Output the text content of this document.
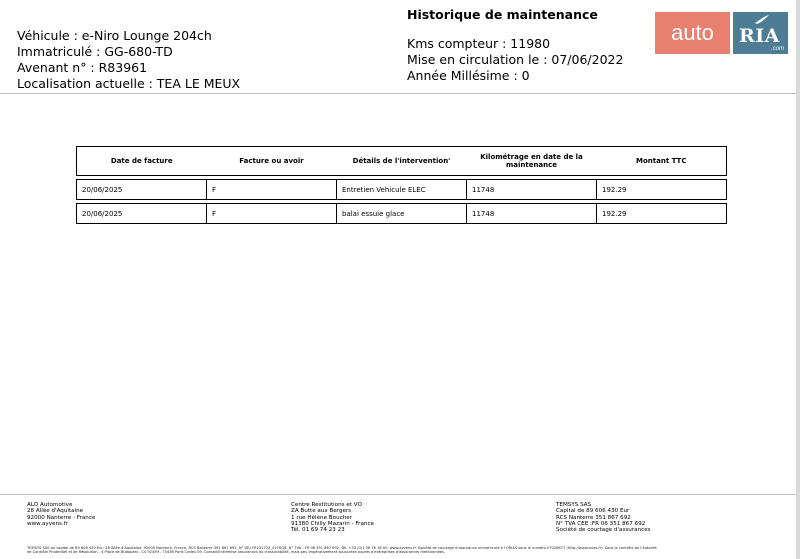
Véhicule : e-Niro Lounge 204ch
Immatriculé : GG-680-TD
Avenant n° : R83961
Localisation actuelle : TEA LE MEUX
Historique de maintenance
Kms compteur : 11980
Mise en circulation le : 07/06/2022
Année Millésime : 0
auto RIA
.com
Date de facture	Facture ou avoir	Détails de l'intervention'	Kilométrage en date de la maintenance	Montant TTC
20/06/2025	F	Entretien Vehicule ELEC	11748	192.29
20/06/2025	F	balai essuie glace	11748	192.29
ALD Automotive
28 Allée d'Aquitaine
92000 Nanterre - France
www.ayvens.fr
Centre Restitutions et VO
ZA Butte aux Bergers
1 rue Hélène Boucher
91380 Chilly Mazarin - France
Tél. 01 69 74 23 23
TEMSYS SAS
Capital de 89 606 430 Eur
RCS Nanterre 351 867 692
N° TVA CEE :FR 06 351 867 692
Société de courtage d'assurances
TEMSYS SAS au capital de 89 606 430 Eur; 28 Allée d'Aquitaine, 92000 Nanterre, France, RCS Nanterre 351 867 692, N° IDU FR231725_01YSGB, N° TVA : FR 06 351 867 692, Tél. +33 (0)1 56 76 18 00, www.ayvens.fr. Société de courtage d'assurance immatriculé à l'ORIAS sous le numéro 07026677 (http://www.orias.fr). Sous le contrôle de l'Autorité
de Contrôle Prudentiel et de Résolution - 4 Place de Budapest - CS 92459 - 75436 Paris Cedex 09. Conseil/Entremise assurances ou d'assurabilité, mais peu impérativement souscrites auprès d'entreprises d'assurances mentionnées.
